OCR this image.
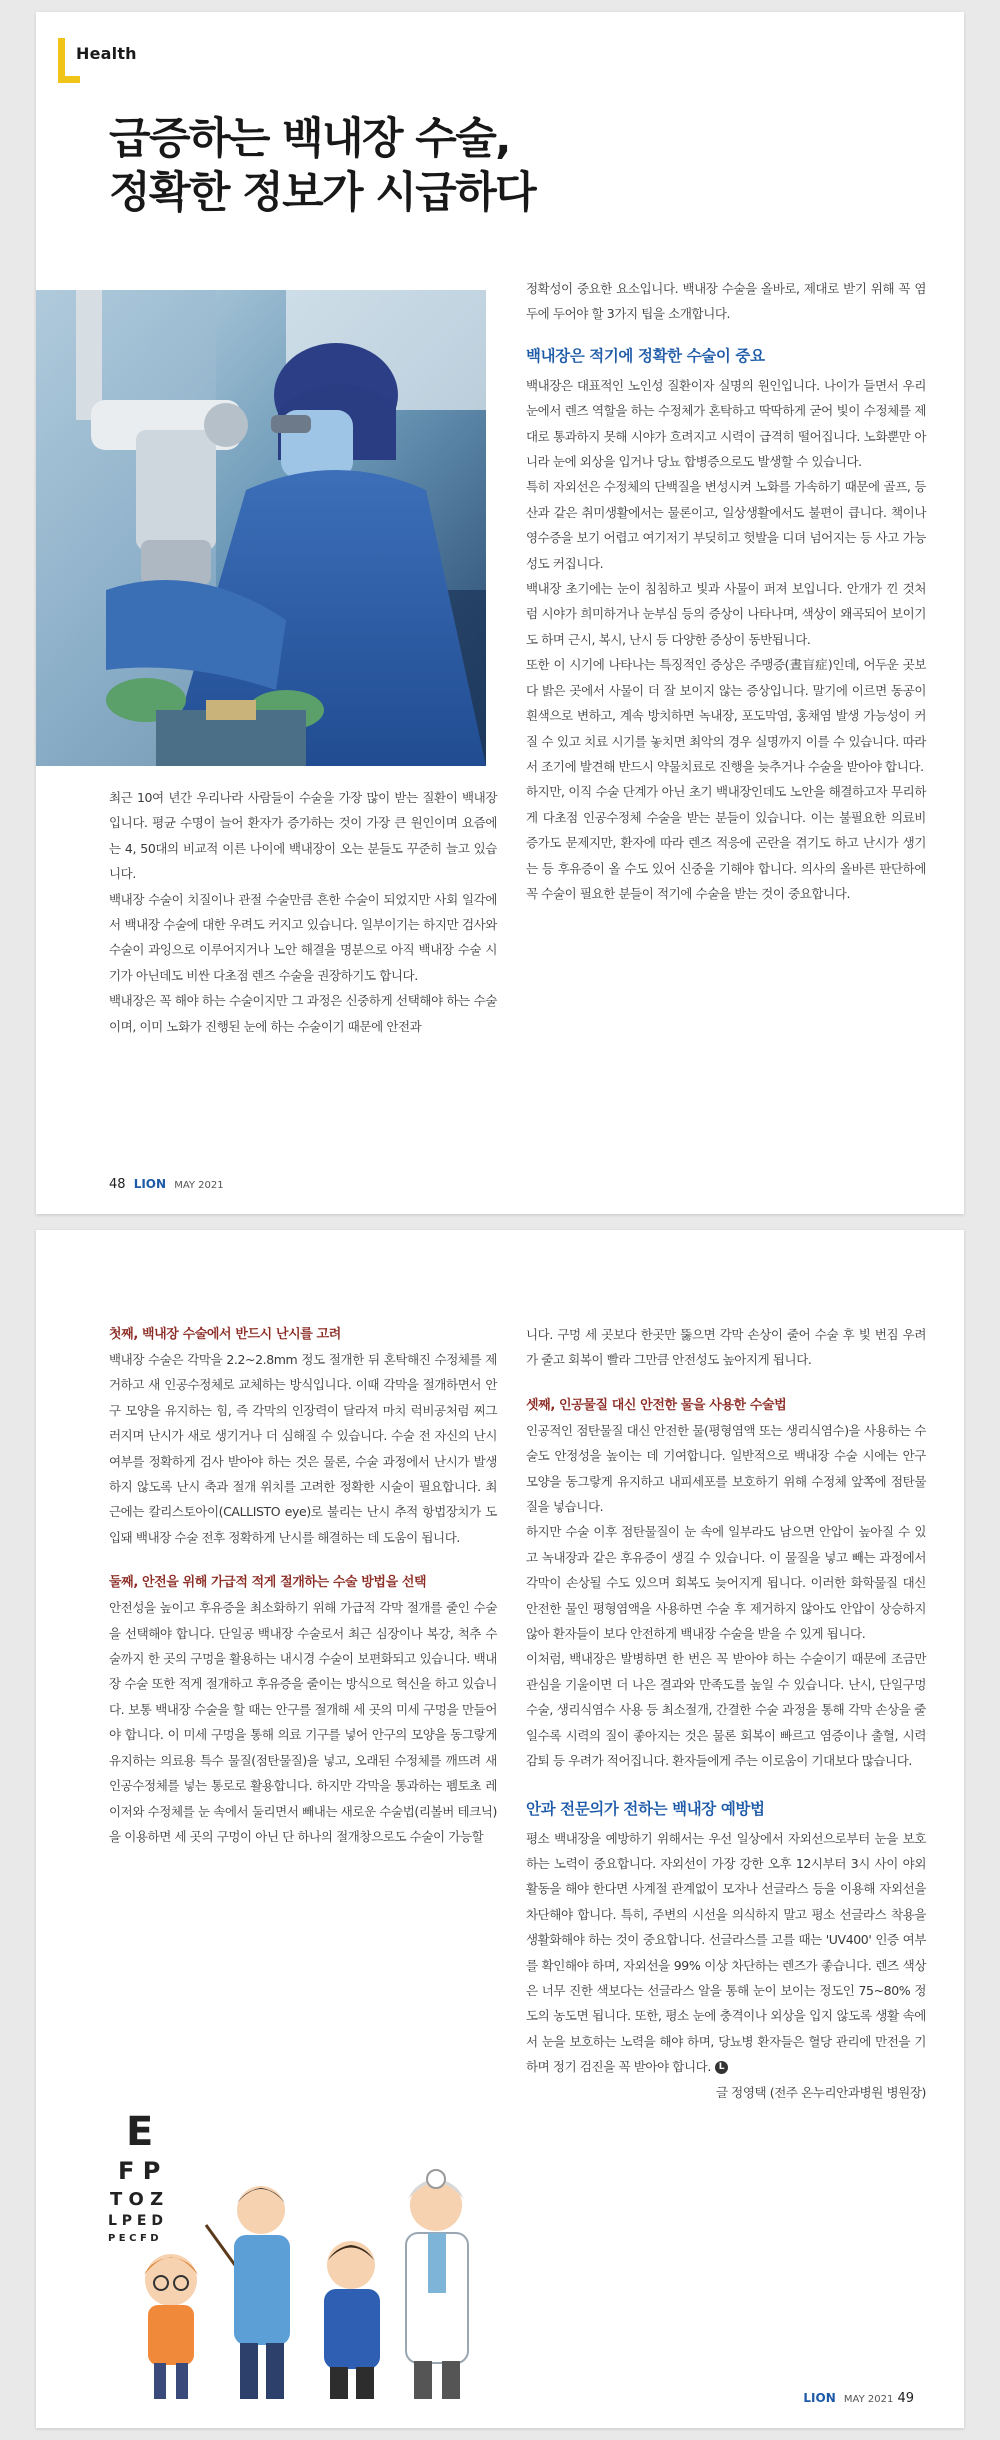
Health
급증하는 백내장 수술,
정확한 정보가 시급하다

최근 10여 년간 우리나라 사람들이 수술을 가장 많이 받는 질환이 백내장입니다. 평균 수명이 늘어 환자가 증가하는 것이 가장 큰 원인이며 요즘에는 4, 50대의 비교적 이른 나이에 백내장이 오는 분들도 꾸준히 늘고 있습니다.

백내장 수술이 치질이나 관절 수술만큼 흔한 수술이 되었지만 사회 일각에서 백내장 수술에 대한 우려도 커지고 있습니다. 일부이기는 하지만 검사와 수술이 과잉으로 이루어지거나 노안 해결을 명분으로 아직 백내장 수술 시기가 아닌데도 비싼 다초점 렌즈 수술을 권장하기도 합니다.

백내장은 꼭 해야 하는 수술이지만 그 과정은 신중하게 선택해야 하는 수술이며, 이미 노화가 진행된 눈에 하는 수술이기 때문에 안전과

정확성이 중요한 요소입니다. 백내장 수술을 올바로, 제대로 받기 위해 꼭 염두에 두어야 할 3가지 팁을 소개합니다.

백내장은 적기에 정확한 수술이 중요

백내장은 대표적인 노인성 질환이자 실명의 원인입니다. 나이가 들면서 우리 눈에서 렌즈 역할을 하는 수정체가 혼탁하고 딱딱하게 굳어 빛이 수정체를 제대로 통과하지 못해 시야가 흐려지고 시력이 급격히 떨어집니다. 노화뿐만 아니라 눈에 외상을 입거나 당뇨 합병증으로도 발생할 수 있습니다.

특히 자외선은 수정체의 단백질을 변성시켜 노화를 가속하기 때문에 골프, 등산과 같은 취미생활에서는 물론이고, 일상생활에서도 불편이 큽니다. 책이나 영수증을 보기 어렵고 여기저기 부딪히고 헛발을 디뎌 넘어지는 등 사고 가능성도 커집니다.

백내장 초기에는 눈이 침침하고 빛과 사물이 퍼져 보입니다. 안개가 낀 것처럼 시야가 희미하거나 눈부심 등의 증상이 나타나며, 색상이 왜곡되어 보이기도 하며 근시, 복시, 난시 등 다양한 증상이 동반됩니다.

또한 이 시기에 나타나는 특징적인 증상은 주맹증(晝盲症)인데, 어두운 곳보다 밝은 곳에서 사물이 더 잘 보이지 않는 증상입니다. 말기에 이르면 동공이 흰색으로 변하고, 계속 방치하면 녹내장, 포도막염, 홍채염 발생 가능성이 커질 수 있고 치료 시기를 놓치면 최악의 경우 실명까지 이를 수 있습니다. 따라서 조기에 발견해 반드시 약물치료로 진행을 늦추거나 수술을 받아야 합니다.

하지만, 이직 수술 단계가 아닌 초기 백내장인데도 노안을 해결하고자 무리하게 다초점 인공수정체 수술을 받는 분들이 있습니다. 이는 불필요한 의료비 증가도 문제지만, 환자에 따라 렌즈 적응에 곤란을 겪기도 하고 난시가 생기는 등 후유증이 올 수도 있어 신중을 기해야 합니다. 의사의 올바른 판단하에 꼭 수술이 필요한 분들이 적기에 수술을 받는 것이 중요합니다.

48 LION MAY 2021
첫째, 백내장 수술에서 반드시 난시를 고려

백내장 수술은 각막을 2.2~2.8mm 정도 절개한 뒤 혼탁해진 수정체를 제거하고 새 인공수정체로 교체하는 방식입니다. 이때 각막을 절개하면서 안구 모양을 유지하는 힘, 즉 각막의 인장력이 달라져 마치 럭비공처럼 찌그러지며 난시가 새로 생기거나 더 심해질 수 있습니다. 수술 전 자신의 난시 여부를 정확하게 검사 받아야 하는 것은 물론, 수술 과정에서 난시가 발생하지 않도록 난시 축과 절개 위치를 고려한 정확한 시술이 필요합니다. 최근에는 칼리스토아이(CALLISTO eye)로 불리는 난시 추적 항법장치가 도입돼 백내장 수술 전후 정확하게 난시를 해결하는 데 도움이 됩니다.

둘째, 안전을 위해 가급적 적게 절개하는 수술 방법을 선택

안전성을 높이고 후유증을 최소화하기 위해 가급적 각막 절개를 줄인 수술을 선택해야 합니다. 단일공 백내장 수술로서 최근 심장이나 복강, 척추 수술까지 한 곳의 구멍을 활용하는 내시경 수술이 보편화되고 있습니다. 백내장 수술 또한 적게 절개하고 후유증을 줄이는 방식으로 혁신을 하고 있습니다. 보통 백내장 수술을 할 때는 안구를 절개해 세 곳의 미세 구멍을 만들어야 합니다. 이 미세 구멍을 통해 의료 기구를 넣어 안구의 모양을 동그랗게 유지하는 의료용 특수 물질(점탄물질)을 넣고, 오래된 수정체를 깨뜨려 새 인공수정체를 넣는 통로로 활용합니다. 하지만 각막을 통과하는 펨토초 레이저와 수정체를 눈 속에서 둘리면서 빼내는 새로운 수술법(리볼버 테크닉)을 이용하면 세 곳의 구멍이 아닌 단 하나의 절개창으로도 수술이 가능할

E
F P
T O Z
L P E D
P E C F D

니다. 구멍 세 곳보다 한곳만 뚫으면 각막 손상이 줄어 수술 후 빛 번짐 우려가 줄고 회복이 빨라 그만큼 안전성도 높아지게 됩니다.

셋째, 인공물질 대신 안전한 물을 사용한 수술법

인공적인 점탄물질 대신 안전한 물(평형염액 또는 생리식염수)을 사용하는 수술도 안정성을 높이는 데 기여합니다. 일반적으로 백내장 수술 시에는 안구 모양을 동그랗게 유지하고 내피세포를 보호하기 위해 수정체 앞쪽에 점탄물질을 넣습니다.

하지만 수술 이후 점탄물질이 눈 속에 일부라도 남으면 안압이 높아질 수 있고 녹내장과 같은 후유증이 생길 수 있습니다. 이 물질을 넣고 빼는 과정에서 각막이 손상될 수도 있으며 회복도 늦어지게 됩니다. 이러한 화학물질 대신 안전한 물인 평형염액을 사용하면 수술 후 제거하지 않아도 안압이 상승하지 않아 환자들이 보다 안전하게 백내장 수술을 받을 수 있게 됩니다.

이처럼, 백내장은 발병하면 한 번은 꼭 받아야 하는 수술이기 때문에 조금만 관심을 기울이면 더 나은 결과와 만족도를 높일 수 있습니다. 난시, 단일구멍 수술, 생리식염수 사용 등 최소절개, 간결한 수술 과정을 통해 각막 손상을 줄일수록 시력의 질이 좋아지는 것은 물론 회복이 빠르고 염증이나 출혈, 시력감퇴 등 우려가 적어집니다. 환자들에게 주는 이로움이 기대보다 많습니다.

안과 전문의가 전하는 백내장 예방법

평소 백내장을 예방하기 위해서는 우선 일상에서 자외선으로부터 눈을 보호하는 노력이 중요합니다. 자외선이 가장 강한 오후 12시부터 3시 사이 야외활동을 해야 한다면 사계절 관계없이 모자나 선글라스 등을 이용해 자외선을 차단해야 합니다. 특히, 주변의 시선을 의식하지 말고 평소 선글라스 착용을 생활화해야 하는 것이 중요합니다. 선글라스를 고를 때는 'UV400' 인증 여부를 확인해야 하며, 자외선을 99% 이상 차단하는 렌즈가 좋습니다. 렌즈 색상은 너무 진한 색보다는 선글라스 알을 통해 눈이 보이는 정도인 75~80% 정도의 농도면 됩니다. 또한, 평소 눈에 충격이나 외상을 입지 않도록 생활 속에서 눈을 보호하는 노력을 해야 하며, 당뇨병 환자들은 혈당 관리에 만전을 기하며 정기 검진을 꼭 받아야 합니다. L

글 정영택 (전주 온누리안과병원 병원장)

LION MAY 2021 49
